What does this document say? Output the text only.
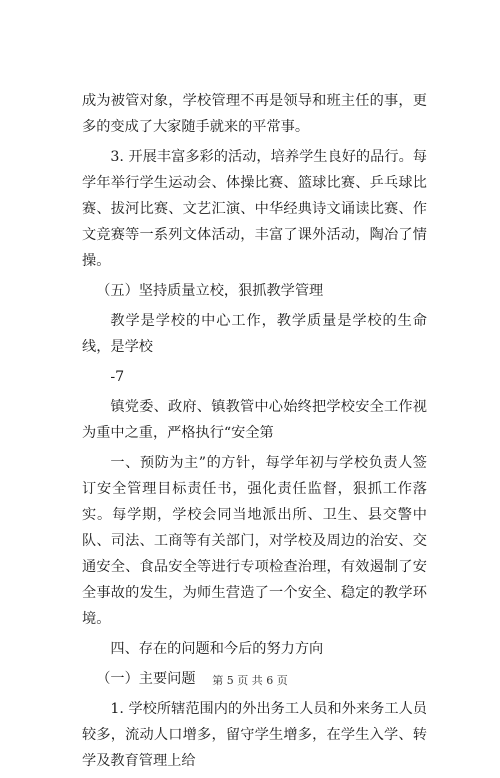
成为被管对象，学校管理不再是领导和班主任的事，更多的变成了大家随手就来的平常事。

3. 开展丰富多彩的活动，培养学生良好的品行。每学年举行学生运动会、体操比赛、篮球比赛、乒乓球比赛、拔河比赛、文艺汇演、中华经典诗文诵读比赛、作文竞赛等一系列文体活动，丰富了课外活动，陶冶了情操。

（五）坚持质量立校，狠抓教学管理

教学是学校的中心工作，教学质量是学校的生命线，是学校

-7

镇党委、政府、镇教管中心始终把学校安全工作视为重中之重，严格执行“安全第

一、预防为主”的方针，每学年初与学校负责人签订安全管理目标责任书，强化责任监督，狠抓工作落实。每学期，学校会同当地派出所、卫生、县交警中队、司法、工商等有关部门，对学校及周边的治安、交通安全、食品安全等进行专项检查治理，有效遏制了安全事故的发生，为师生营造了一个安全、稳定的教学环境。

四、存在的问题和今后的努力方向

（一）主要问题

1. 学校所辖范围内的外出务工人员和外来务工人员较多，流动人口增多，留守学生增多，在学生入学、转学及教育管理上给

第 5 页 共 6 页
